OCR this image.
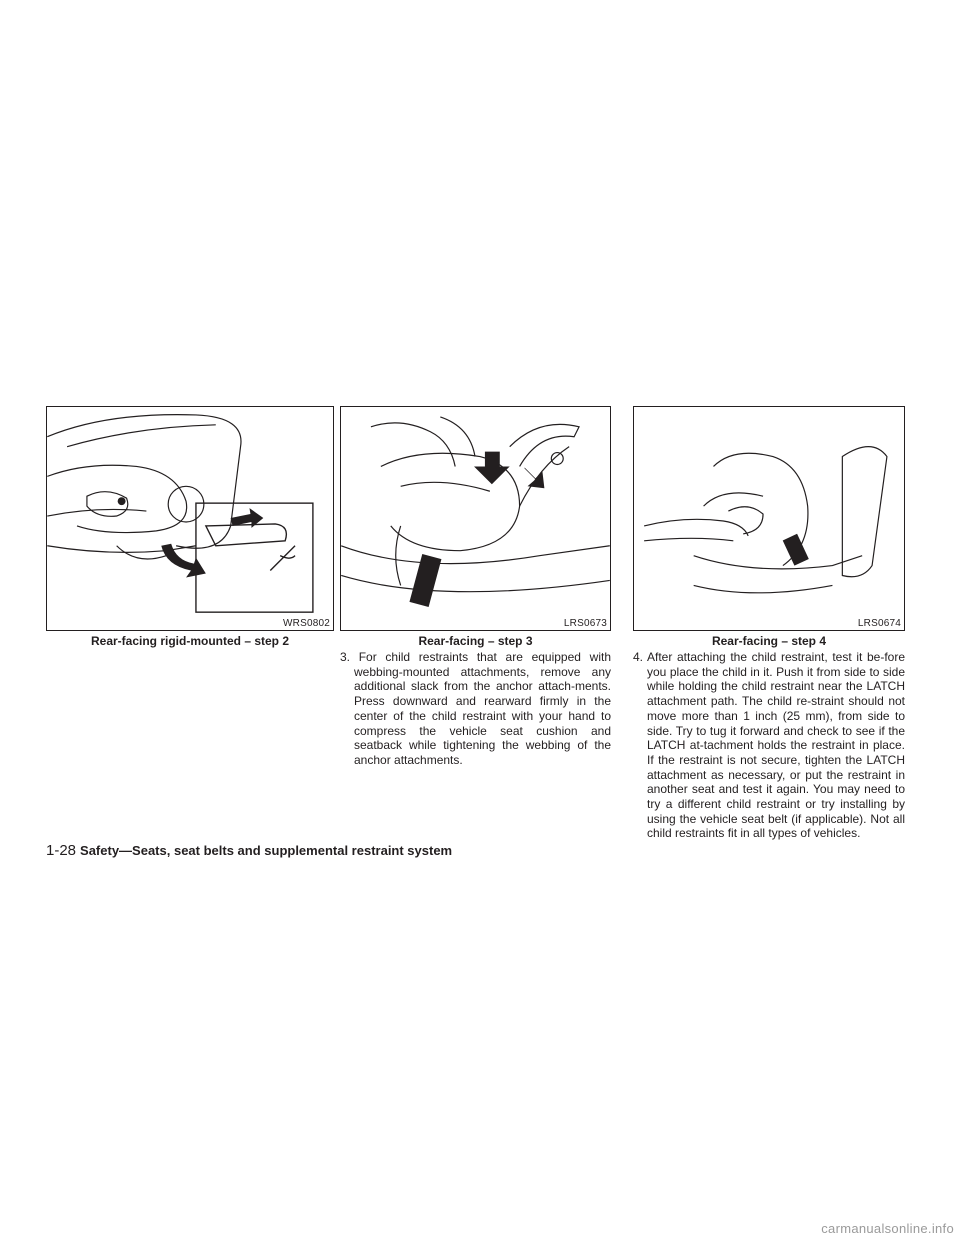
WRS0802
Rear-facing rigid-mounted – step 2
LRS0673
Rear-facing – step 3
3. For child restraints that are equipped with webbing-mounted attachments, remove any additional slack from the anchor attach-ments. Press downward and rearward firmly in the center of the child restraint with your hand to compress the vehicle seat cushion and seatback while tightening the webbing of the anchor attachments.
LRS0674
Rear-facing – step 4
4. After attaching the child restraint, test it be-fore you place the child in it. Push it from side to side while holding the child restraint near the LATCH attachment path. The child re-straint should not move more than 1 inch (25 mm), from side to side. Try to tug it forward and check to see if the LATCH at-tachment holds the restraint in place. If the restraint is not secure, tighten the LATCH attachment as necessary, or put the restraint in another seat and test it again. You may need to try a different child restraint or try installing by using the vehicle seat belt (if applicable). Not all child restraints fit in all types of vehicles.
1-28 Safety—Seats, seat belts and supplemental restraint system
carmanualsonline.info
